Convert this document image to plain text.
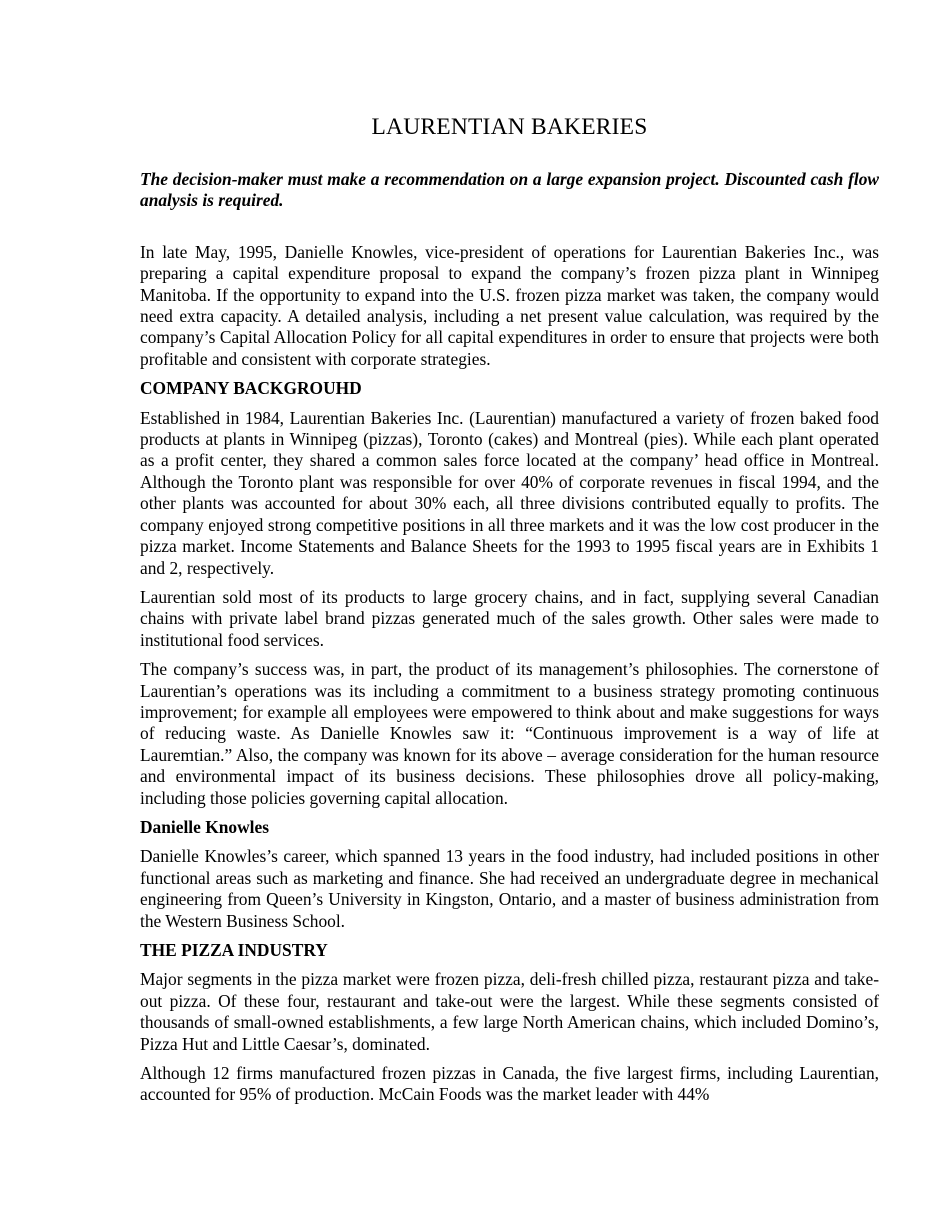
LAURENTIAN BAKERIES
The decision-maker must make a recommendation on a large expansion project. Discounted cash flow analysis is required.

In late May, 1995, Danielle Knowles, vice-president of operations for Laurentian Bakeries Inc., was preparing a capital expenditure proposal to expand the company’s frozen pizza plant in Winnipeg Manitoba. If the opportunity to expand into the U.S. frozen pizza market was taken, the company would need extra capacity. A detailed analysis, including a net present value calculation, was required by the company’s Capital Allocation Policy for all capital expenditures in order to ensure that projects were both profitable and consistent with corporate strategies.

COMPANY BACKGROUHD

Established in 1984, Laurentian Bakeries Inc. (Laurentian) manufactured a variety of frozen baked food products at plants in Winnipeg (pizzas), Toronto (cakes) and Montreal (pies). While each plant operated as a profit center, they shared a common sales force located at the company’ head office in Montreal. Although the Toronto plant was responsible for over 40% of corporate revenues in fiscal 1994, and the other plants was accounted for about 30% each, all three divisions contributed equally to profits. The company enjoyed strong competitive positions in all three markets and it was the low cost producer in the pizza market. Income Statements and Balance Sheets for the 1993 to 1995 fiscal years are in Exhibits 1 and 2, respectively.

Laurentian sold most of its products to large grocery chains, and in fact, supplying several Canadian chains with private label brand pizzas generated much of the sales growth. Other sales were made to institutional food services.

The company’s success was, in part, the product of its management’s philosophies. The cornerstone of Laurentian’s operations was its including a commitment to a business strategy promoting continuous improvement; for example all employees were empowered to think about and make suggestions for ways of reducing waste. As Danielle Knowles saw it: “Continuous improvement is a way of life at Lauremtian.” Also, the company was known for its above – average consideration for the human resource and environmental impact of its business decisions. These philosophies drove all policy-making, including those policies governing capital allocation.

Danielle Knowles

Danielle Knowles’s career, which spanned 13 years in the food industry, had included positions in other functional areas such as marketing and finance. She had received an undergraduate degree in mechanical engineering from Queen’s University in Kingston, Ontario, and a master of business administration from the Western Business School.

THE PIZZA INDUSTRY

Major segments in the pizza market were frozen pizza, deli-fresh chilled pizza, restaurant pizza and take-out pizza. Of these four, restaurant and take-out were the largest. While these segments consisted of thousands of small-owned establishments, a few large North American chains, which included Domino’s, Pizza Hut and Little Caesar’s, dominated.

Although 12 firms manufactured frozen pizzas in Canada, the five largest firms, including Laurentian, accounted for 95% of production. McCain Foods was the market leader with 44%
